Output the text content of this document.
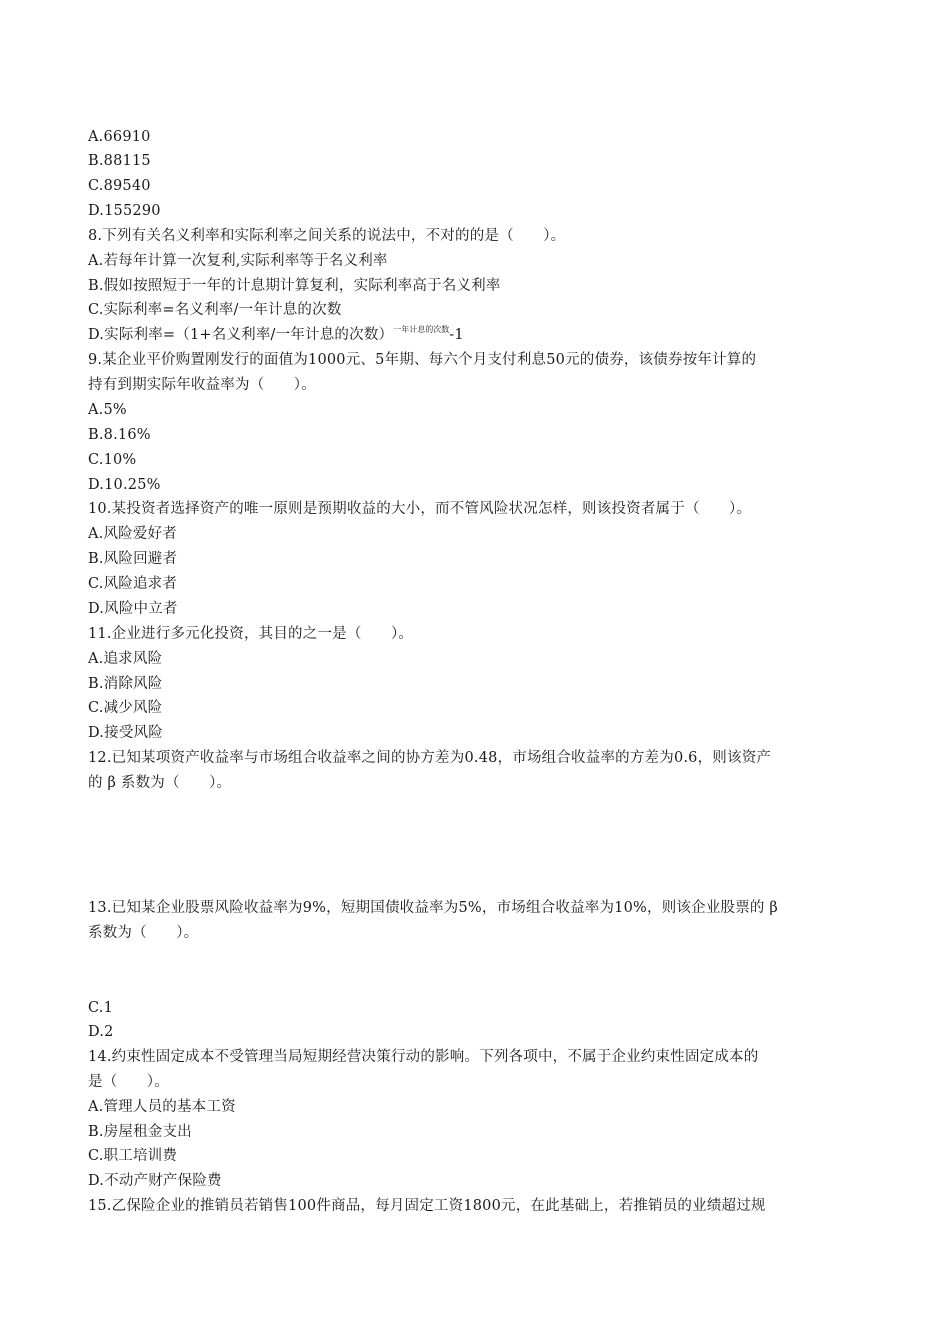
A.66910
B.88115
C.89540
D.155290
8.下列有关名义利率和实际利率之间关系的说法中，不对的的是（　　）。
A.若每年计算一次复利,实际利率等于名义利率
B.假如按照短于一年的计息期计算复利，实际利率高于名义利率
C.实际利率=名义利率/一年计息的次数
D.实际利率=（1+名义利率/一年计息的次数）$^{一年计息的次数}$-1
9.某企业平价购置刚发行的面值为1000元、5年期、每六个月支付利息50元的债券，该债券按年计算的
持有到期实际年收益率为（　　）。
A.5%
B.8.16%
C.10%
D.10.25%
10.某投资者选择资产的唯一原则是预期收益的大小，而不管风险状况怎样，则该投资者属于（　　）。
A.风险爱好者
B.风险回避者
C.风险追求者
D.风险中立者
11.企业进行多元化投资，其目的之一是（　　）。
A.追求风险
B.消除风险
C.减少风险
D.接受风险
12.已知某项资产收益率与市场组合收益率之间的协方差为0.48，市场组合收益率的方差为0.6，则该资产
的 β 系数为（　　）。
13.已知某企业股票风险收益率为9%，短期国债收益率为5%，市场组合收益率为10%，则该企业股票的 β
系数为（　　）。
C.1
D.2
14.约束性固定成本不受管理当局短期经营决策行动的影响。下列各项中，不属于企业约束性固定成本的
是（　　）。
A.管理人员的基本工资
B.房屋租金支出
C.职工培训费
D.不动产财产保险费
15.乙保险企业的推销员若销售100件商品，每月固定工资1800元，在此基础上，若推销员的业绩超过规
